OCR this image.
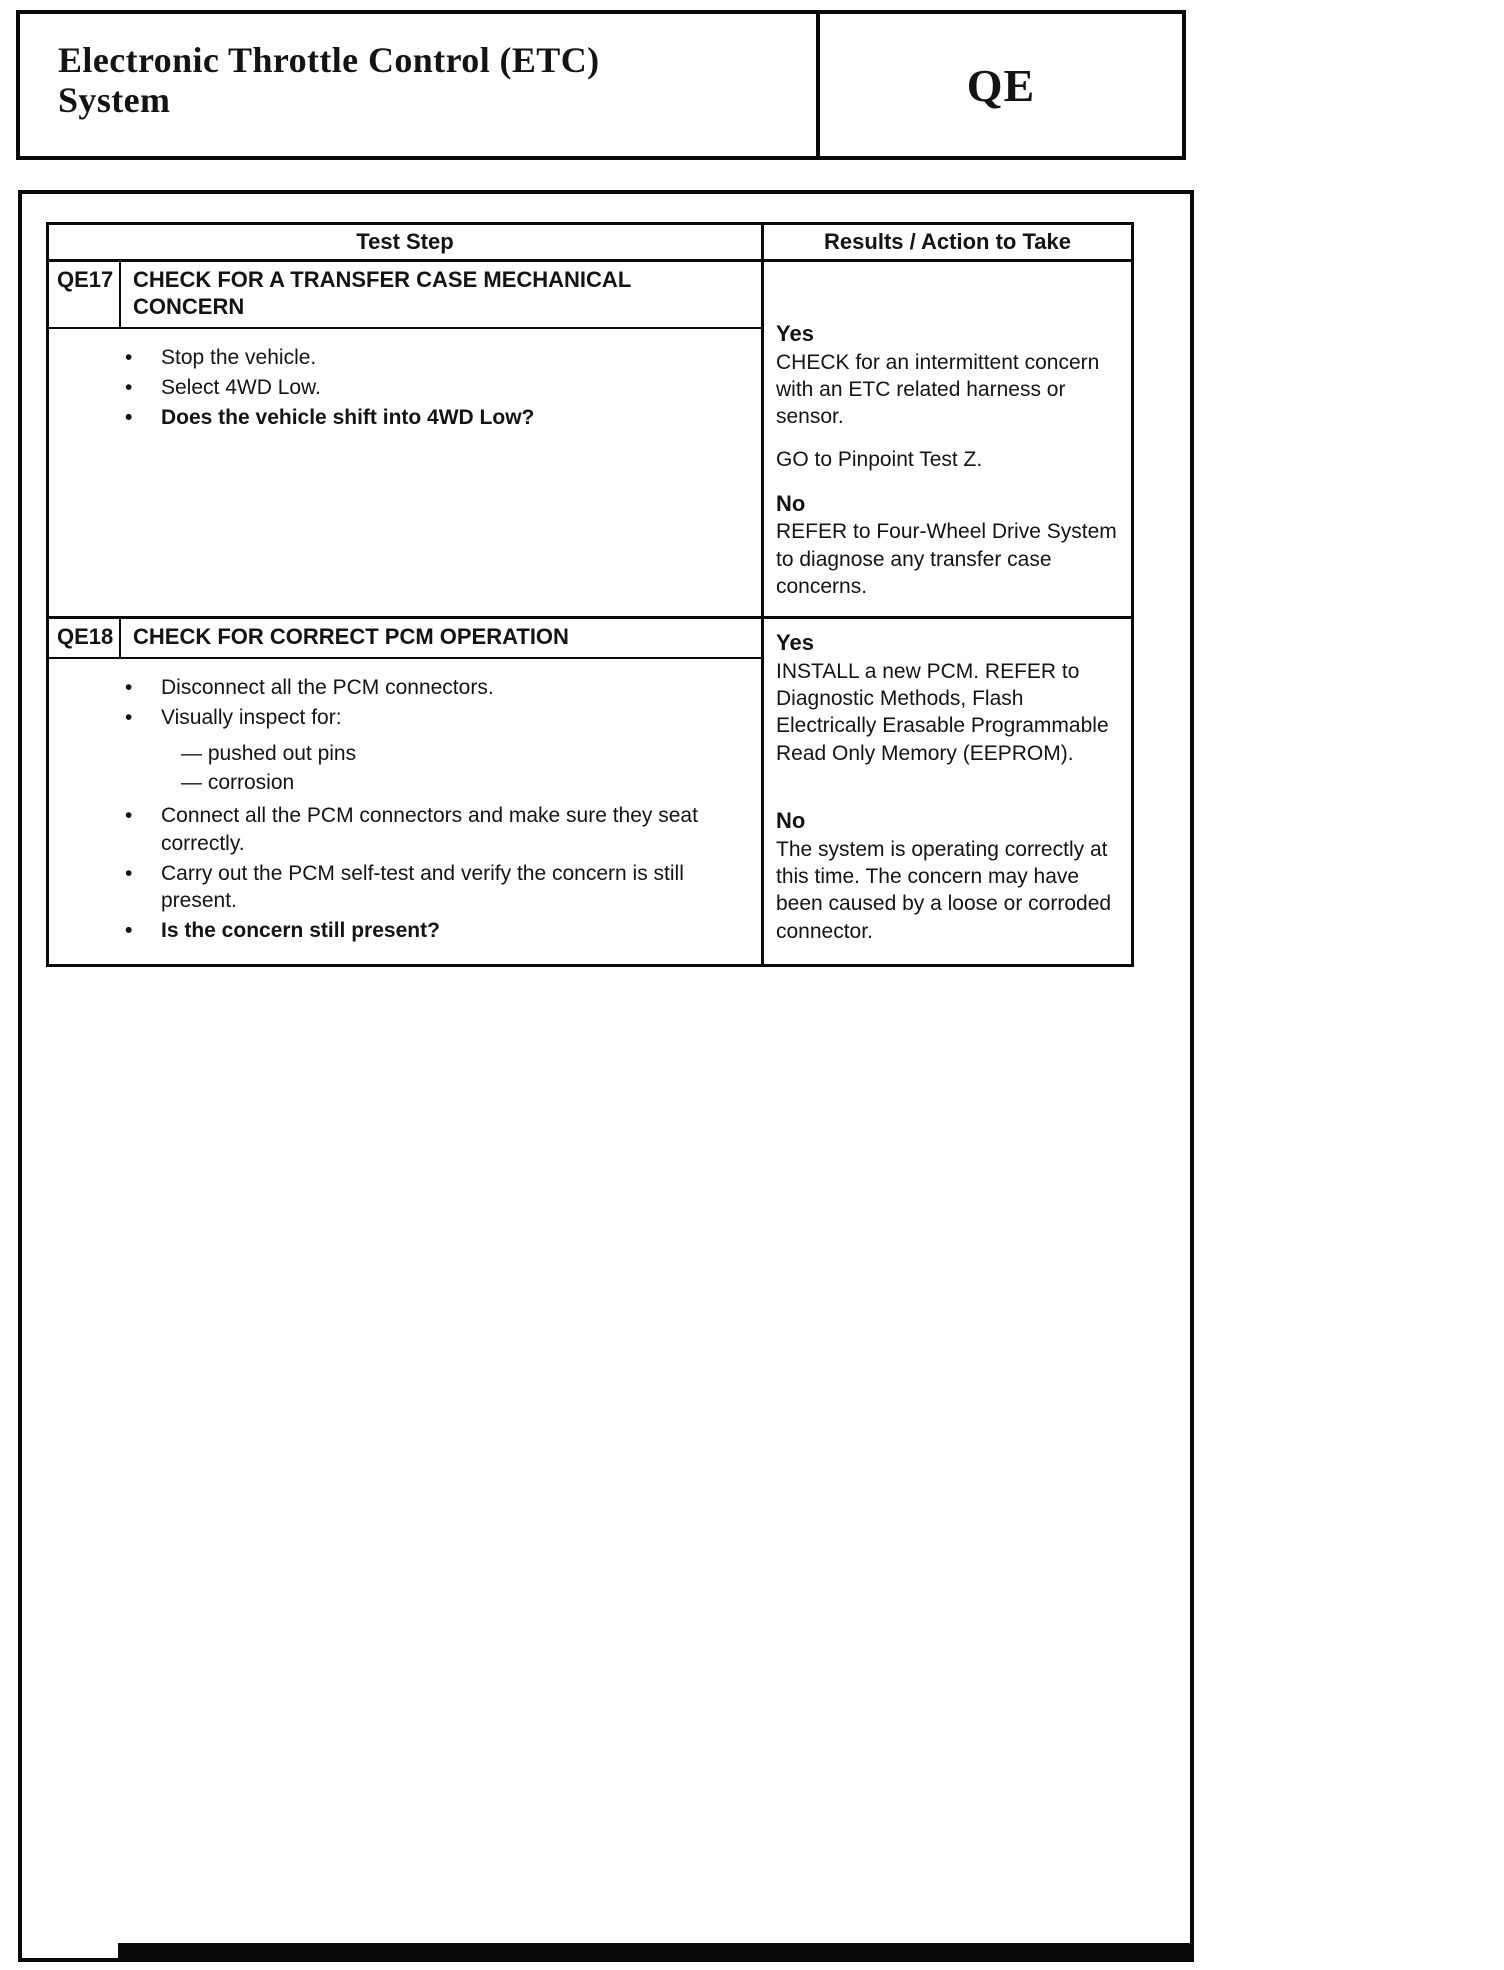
Electronic Throttle Control (ETC) System	QE
Test Step	Results / Action to Take
QE17 CHECK FOR A TRANSFER CASE MECHANICAL CONCERN
•
Stop the vehicle.
•
Select 4WD Low.
•
Does the vehicle shift into 4WD Low?
Yes
CHECK for an intermittent concern with an ETC related harness or sensor.
GO to Pinpoint Test Z.
No
REFER to Four-Wheel Drive System to diagnose any transfer case concerns.
QE18 CHECK FOR CORRECT PCM OPERATION
•
Disconnect all the PCM connectors.
•
Visually inspect for:
— pushed out pins
— corrosion
•
Connect all the PCM connectors and make sure they seat correctly.
•
Carry out the PCM self-test and verify the concern is still present.
•
Is the concern still present?
Yes
INSTALL a new PCM. REFER to Diagnostic Methods, Flash Electrically Erasable Programmable Read Only Memory (EEPROM).
No
The system is operating correctly at this time. The concern may have been caused by a loose or corroded connector.
